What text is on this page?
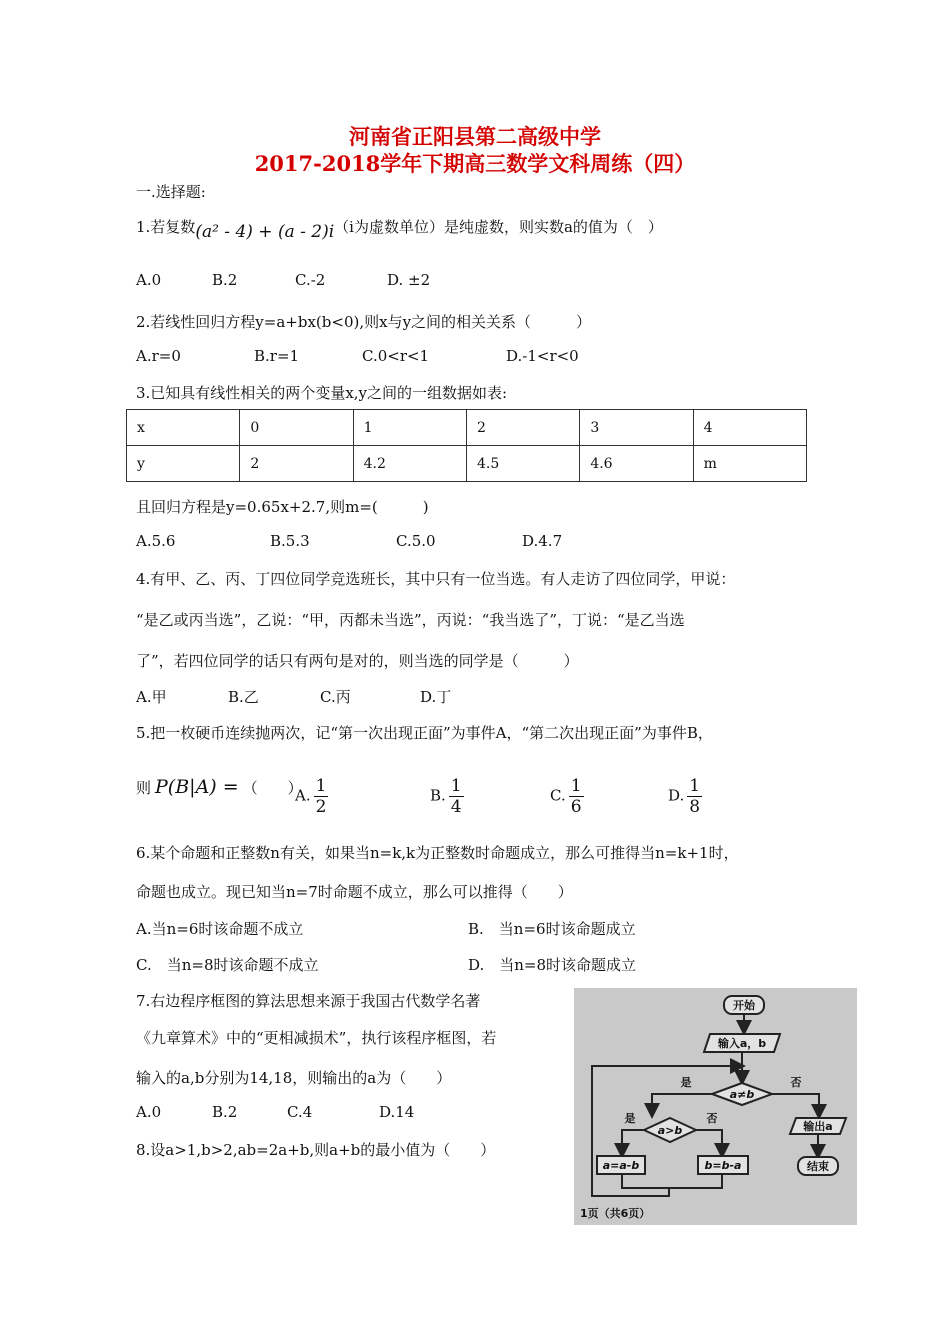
河南省正阳县第二高级中学
2017-2018学年下期高三数学文科周练（四）
一.选择题:
1.若复数(a² - 4) + (a - 2)i（i为虚数单位）是纯虚数，则实数a的值为（　）
A.0	B.2	C.-2	D. ±2
2.若线性回归方程y=a+bx(b<0),则x与y之间的相关关系（　　　）
A.r=0	B.r=1	C.0<r<1	D.-1<r<0
3.已知具有线性相关的两个变量x,y之间的一组数据如表:
x	0	1	2	3	4
y	2	4.2	4.5	4.6	m
且回归方程是y=0.65x+2.7,则m=(　　　)
A.5.6	B.5.3	C.5.0	D.4.7
4.有甲、乙、丙、丁四位同学竞选班长，其中只有一位当选。有人走访了四位同学，甲说：
“是乙或丙当选”，乙说：“甲，丙都未当选”，丙说：“我当选了”，丁说：“是乙当选
了”，若四位同学的话只有两句是对的，则当选的同学是（　　　）
A.甲	B.乙	C.丙	D.丁
5.把一枚硬币连续抛两次，记“第一次出现正面”为事件A，“第二次出现正面”为事件B，
则 P(B|A) = （　　）
A. $\frac{1}{2}$	B. $\frac{1}{4}$	C. $\frac{1}{6}$	D. $\frac{1}{8}$
6.某个命题和正整数n有关，如果当n=k,k为正整数时命题成立，那么可推得当n=k+1时，
命题也成立。现已知当n=7时命题不成立，那么可以推得（　　）
A.当n=6时该命题不成立	B.　当n=6时该命题成立
C.　当n=8时该命题不成立	D.　当n=8时该命题成立
7.右边程序框图的算法思想来源于我国古代数学名著
《九章算术》中的“更相减损术”，执行该程序框图，若
输入的a,b分别为14,18，则输出的a为（　　）
A.0	B.2	C.4	D.14
8.设a>1,b>2,ab=2a+b,则a+b的最小值为（　　）
开始
输入a，b
a≠b
是	否
a>b
是	否
a=a-b	b=b-a
输出a
结束
1页（共6页）
